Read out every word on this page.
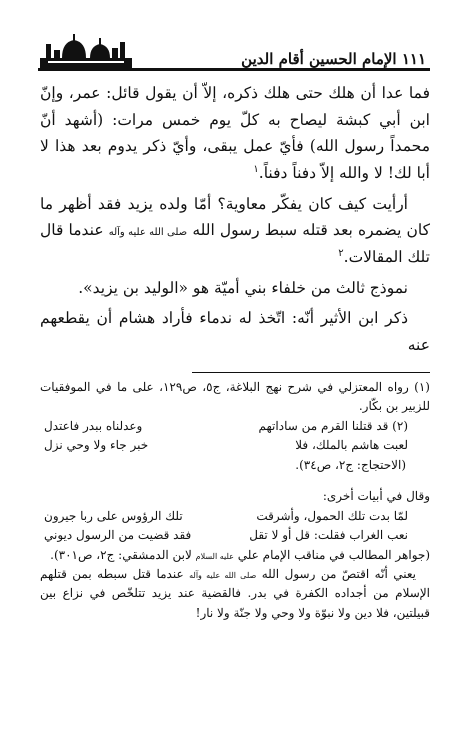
١١١ الإمام الحسين أقام الدين

فما عدا أن هلك حتى هلك ذكره، إلاّ أن يقول قائل: عمر، وإنّ ابن أبي كبشة ليصاح به كلّ يوم خمس مرات: (أشهد أنّ محمداً رسول الله) فأيّ عمل يبقى، وأيّ ذكر يدوم بعد هذا لا أبا لك! لا والله إلاّ دفناً دفناً.$^١$

أرأيت كيف كان يفكّر معاوية؟ أمّا ولده يزيد فقد أظهر ما كان يضمره بعد قتله سبط رسول الله صلى الله عليه وآله عندما قال تلك المقالات.$^٢$

نموذج ثالث من خلفاء بني أميّة هو «الوليد بن يزيد».

ذكر ابن الأثير أنّه: اتّخذ له ندماء فأراد هشام أن يقطعهم عنه

(١) رواه المعتزلي في شرح نهج البلاغة، ج٥، ص١٢٩، على ما في الموفقيات للزبير بن بكّار.

(٢) قد قتلنا القرم من ساداتهم
وعدلناه ببدر فاعتدل
لعبت هاشم بالملك، فلا
خبر جاء ولا وحي نزل

(الاحتجاج: ج٢، ص٣٤).

وقال في أبيات أخرى:

لمّا بدت تلك الحمول، وأشرقت
تلك الرؤوس على ربا جيرون
نعب الغراب فقلت: قل أو لا تقل
فقد قضيت من الرسول ديوني

(جواهر المطالب في مناقب الإمام علي عليه السلام لابن الدمشقي: ج٢، ص٣٠١).

يعني أنّه اقتصّ من رسول الله صلى الله عليه وآله عندما قتل سبطه بمن قتلهم الإسلام من أجداده الكفرة في بدر. فالقضية عند يزيد تتلخّص في نزاع بين قبيلتين، فلا دين ولا نبوّة ولا وحي ولا جنّة ولا نار!
